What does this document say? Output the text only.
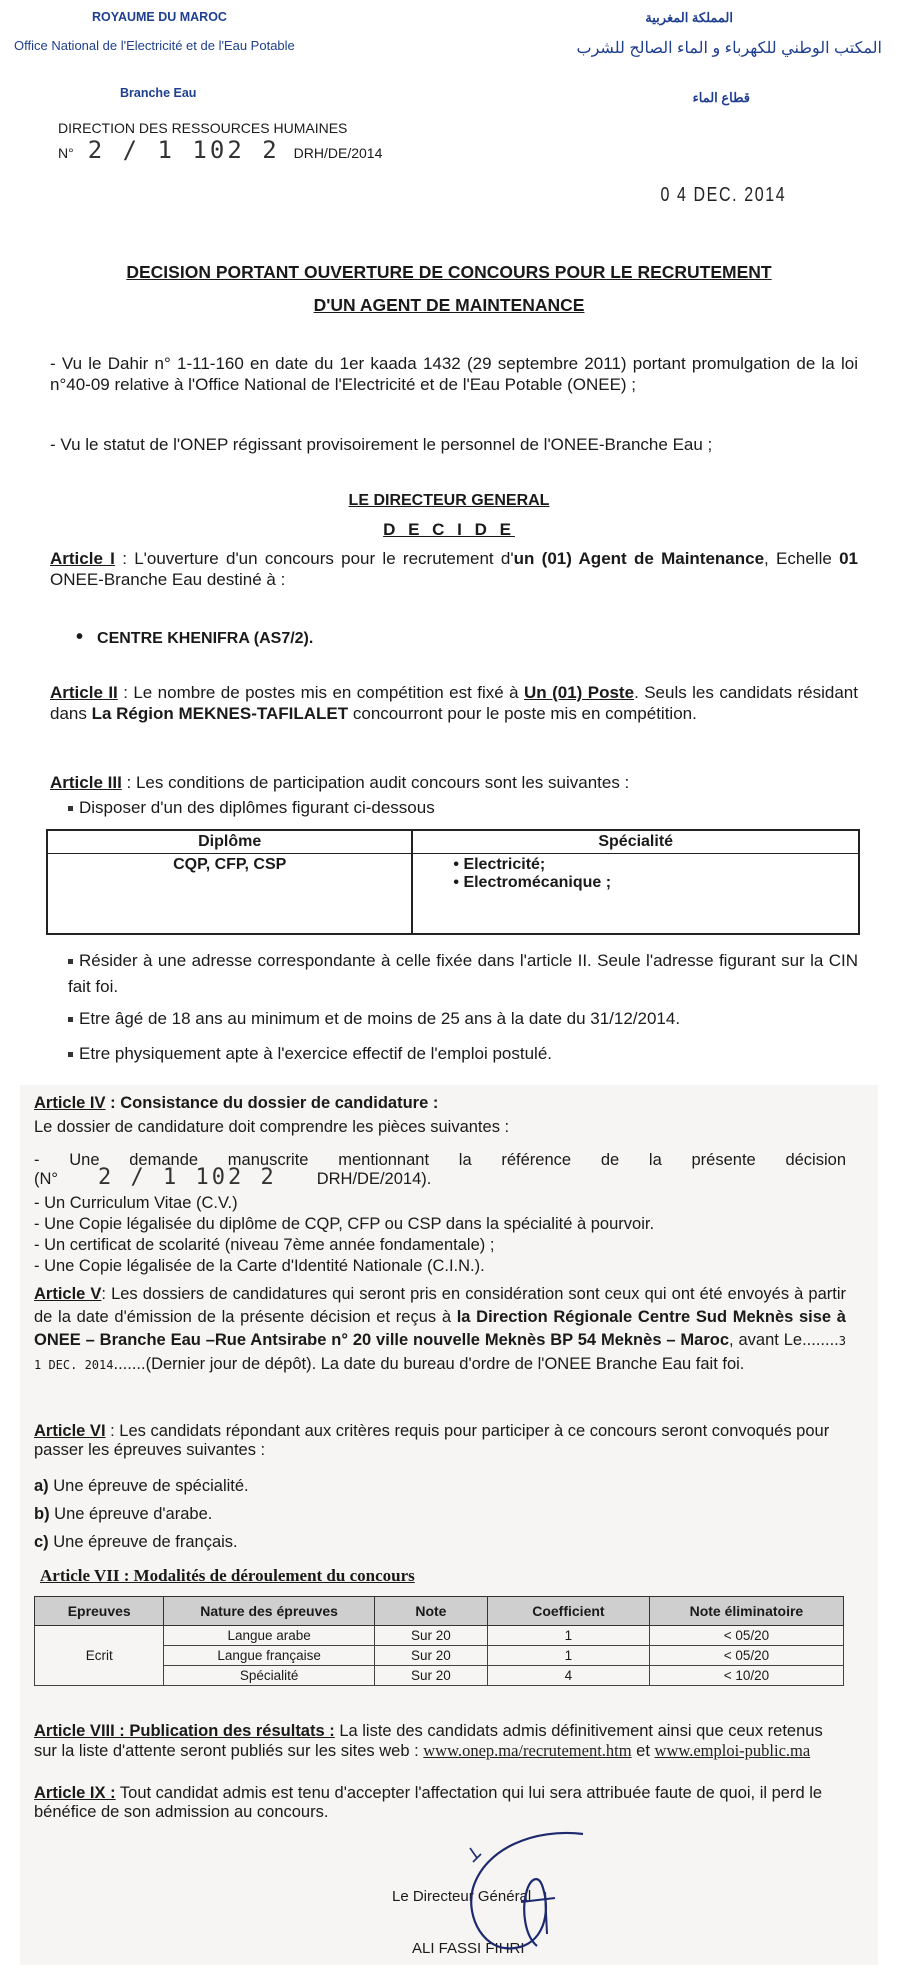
ROYAUME DU MAROC
Office National de l'Electricité et de l'Eau Potable
المملكة المغربية
المكتب الوطني للكهرباء و الماء الصالح للشرب
Branche Eau	قطاع الماء
DIRECTION DES RESSOURCES HUMAINES
N° 2 / 1 102 2 DRH/DE/2014
0 4 DEC. 2014
DECISION PORTANT OUVERTURE DE CONCOURS POUR LE RECRUTEMENT
D'UN AGENT DE MAINTENANCE
- Vu le Dahir n° 1-11-160 en date du 1er kaada 1432 (29 septembre 2011) portant promulgation de la loi n°40-09 relative à l'Office National de l'Electricité et de l'Eau Potable (ONEE) ;
- Vu le statut de l'ONEP régissant provisoirement le personnel de l'ONEE-Branche Eau ;
LE DIRECTEUR GENERAL
D E C I D E
Article I : L'ouverture d'un concours pour le recrutement d'un (01) Agent de Maintenance, Echelle 01 ONEE-Branche Eau destiné à :
• CENTRE KHENIFRA (AS7/2).
Article II : Le nombre de postes mis en compétition est fixé à Un (01) Poste. Seuls les candidats résidant dans La Région MEKNES-TAFILALET concourront pour le poste mis en compétition.
Article III : Les conditions de participation audit concours sont les suivantes :
Disposer d'un des diplômes figurant ci-dessous
Diplôme	Spécialité
CQP, CFP, CSP	• Electricité;
• Electromécanique ;
Résider à une adresse correspondante à celle fixée dans l'article II. Seule l'adresse figurant sur la CIN fait foi.
Etre âgé de 18 ans au minimum et de moins de 25 ans à la date du 31/12/2014.
Etre physiquement apte à l'exercice effectif de l'emploi postulé.
Article IV : Consistance du dossier de candidature :
Le dossier de candidature doit comprendre les pièces suivantes :
- Une demande manuscrite mentionnant la référence de la présente décision
(N° 2 / 1 102 2 DRH/DE/2014).
- Un Curriculum Vitae (C.V.)
- Une Copie légalisée du diplôme de CQP, CFP ou CSP dans la spécialité à pourvoir.
- Un certificat de scolarité (niveau 7ème année fondamentale) ;
- Une Copie légalisée de la Carte d'Identité Nationale (C.I.N.).
Article V: Les dossiers de candidatures qui seront pris en considération sont ceux qui ont été envoyés à partir de la date d'émission de la présente décision et reçus à la Direction Régionale Centre Sud Meknès sise à ONEE – Branche Eau –Rue Antsirabe n° 20 ville nouvelle Meknès BP 54 Meknès – Maroc, avant Le........3 1 DEC. 2014.......(Dernier jour de dépôt). La date du bureau d'ordre de l'ONEE Branche Eau fait foi.
Article VI : Les candidats répondant aux critères requis pour participer à ce concours seront convoqués pour passer les épreuves suivantes :
a) Une épreuve de spécialité.
b) Une épreuve d'arabe.
c) Une épreuve de français.
Article VII : Modalités de déroulement du concours
Epreuves	Nature des épreuves	Note	Coefficient	Note éliminatoire
Ecrit	Langue arabe	Sur 20	1	< 05/20
	Langue française	Sur 20	1	< 05/20
	Spécialité	Sur 20	4	< 10/20
Article VIII : Publication des résultats : La liste des candidats admis définitivement ainsi que ceux retenus sur la liste d'attente seront publiés sur les sites web : www.onep.ma/recrutement.htm et www.emploi-public.ma
Article IX : Tout candidat admis est tenu d'accepter l'affectation qui lui sera attribuée faute de quoi, il perd le bénéfice de son admission au concours.
Le Directeur Général
ALI FASSI FIHRI
